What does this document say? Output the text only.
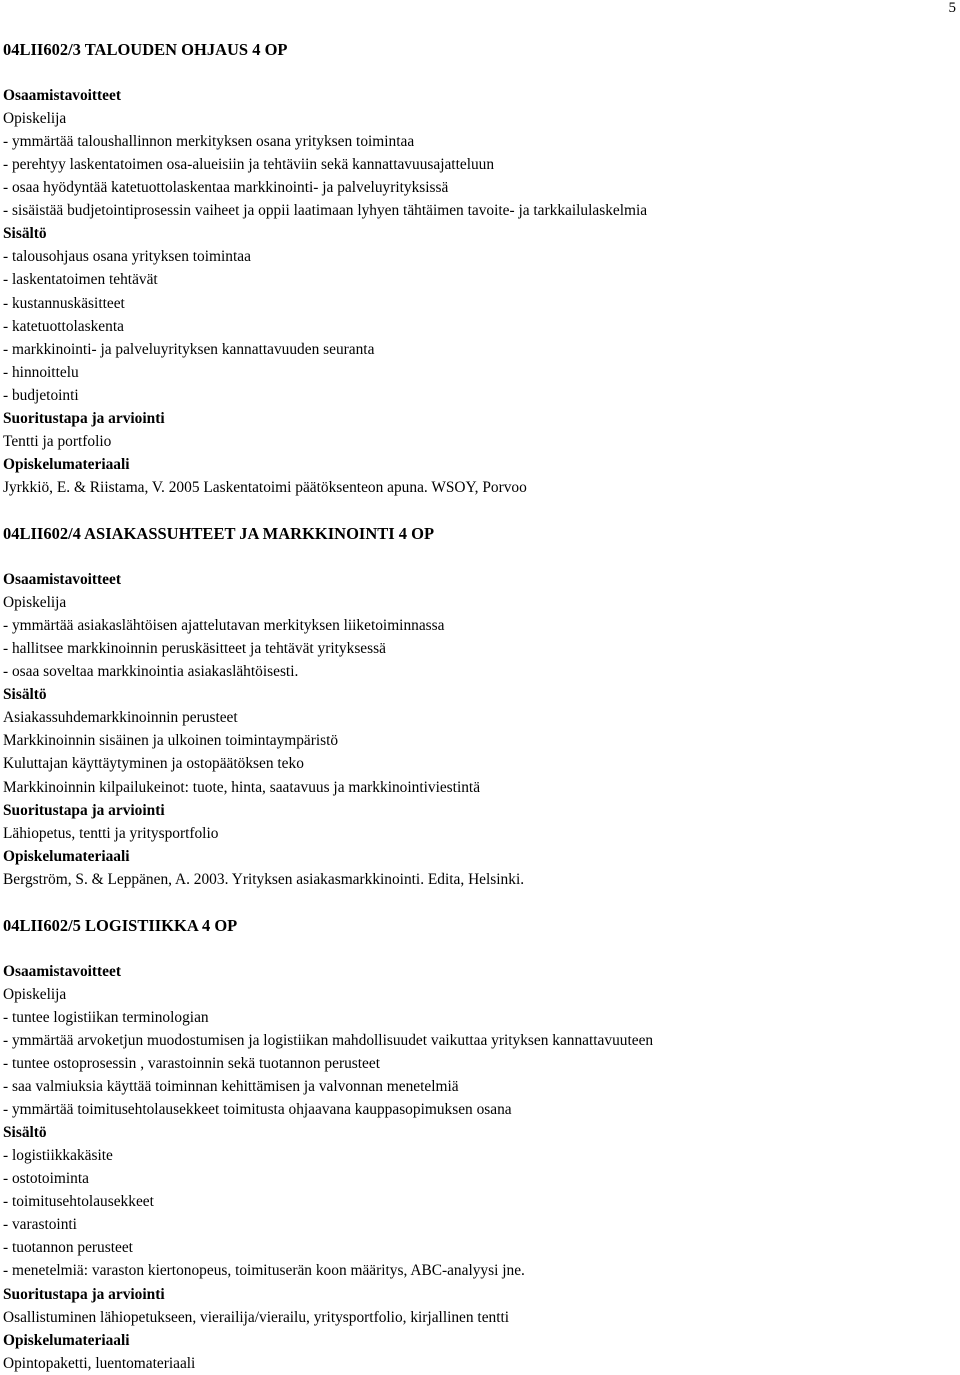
5

04LII602/3 TALOUDEN OHJAUS 4 OP

Osaamistavoitteet

Opiskelija

- ymmärtää taloushallinnon merkityksen osana yrityksen toimintaa

- perehtyy laskentatoimen osa-alueisiin ja tehtäviin sekä kannattavuusajatteluun

- osaa hyödyntää katetuottolaskentaa markkinointi- ja palveluyrityksissä

- sisäistää budjetointiprosessin vaiheet ja oppii laatimaan lyhyen tähtäimen tavoite- ja tarkkailulaskelmia

Sisältö

- talousohjaus osana yrityksen toimintaa

- laskentatoimen tehtävät

- kustannuskäsitteet

- katetuottolaskenta

- markkinointi- ja palveluyrityksen kannattavuuden seuranta

- hinnoittelu

- budjetointi

Suoritustapa ja arviointi

Tentti ja portfolio

Opiskelumateriaali

Jyrkkiö, E. & Riistama, V. 2005 Laskentatoimi päätöksenteon apuna. WSOY, Porvoo

04LII602/4 ASIAKASSUHTEET JA MARKKINOINTI 4 OP

Osaamistavoitteet

Opiskelija

- ymmärtää asiakaslähtöisen ajattelutavan merkityksen liiketoiminnassa

- hallitsee markkinoinnin peruskäsitteet ja tehtävät yrityksessä

- osaa soveltaa markkinointia asiakaslähtöisesti.

Sisältö

Asiakassuhdemarkkinoinnin perusteet

Markkinoinnin sisäinen ja ulkoinen toimintaympäristö

Kuluttajan käyttäytyminen ja ostopäätöksen teko

Markkinoinnin kilpailukeinot: tuote, hinta, saatavuus ja markkinointiviestintä

Suoritustapa ja arviointi

Lähiopetus, tentti ja yritysportfolio

Opiskelumateriaali

Bergström, S. & Leppänen, A. 2003. Yrityksen asiakasmarkkinointi. Edita, Helsinki.

04LII602/5 LOGISTIIKKA 4 OP

Osaamistavoitteet

Opiskelija

- tuntee logistiikan terminologian

- ymmärtää arvoketjun muodostumisen ja logistiikan mahdollisuudet vaikuttaa yrityksen kannattavuuteen

- tuntee ostoprosessin , varastoinnin sekä tuotannon perusteet

- saa valmiuksia käyttää toiminnan kehittämisen ja valvonnan menetelmiä

- ymmärtää toimitusehtolausekkeet toimitusta ohjaavana kauppasopimuksen osana

Sisältö

- logistiikkakäsite

- ostotoiminta

- toimitusehtolausekkeet

- varastointi

- tuotannon perusteet

- menetelmiä: varaston kiertonopeus, toimituserän koon määritys, ABC-analyysi jne.

Suoritustapa ja arviointi

Osallistuminen lähiopetukseen, vierailija/vierailu, yritysportfolio, kirjallinen tentti

Opiskelumateriaali

Opintopaketti, luentomateriaali
